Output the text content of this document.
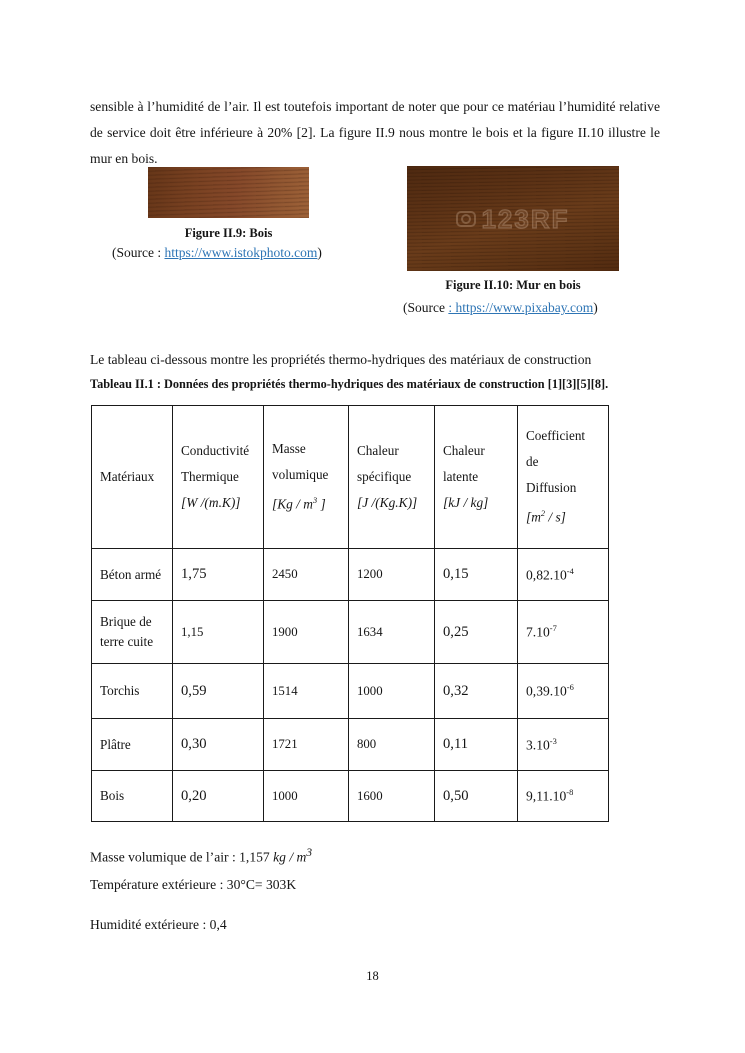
sensible à l’humidité de l’air. Il est toutefois important de noter que pour ce matériau l’humidité relative de service doit être inférieure à 20% [2]. La figure II.9 nous montre le bois et la figure II.10 illustre le mur en bois.

Figure II.9: Bois
(Source : https://www.istokphoto.com)
123RF
Figure II.10: Mur en bois
(Source : https://www.pixabay.com)
Le tableau ci-dessous montre les propriétés thermo-hydriques des matériaux de construction
Tableau II.1 : Données des propriétés thermo-hydriques des matériaux de construction [1][3][5][8].
Matériaux	Conductivité
Thermique
[W /(m.K)]	Masse
volumique
[$Kg / m^3$ ]	Chaleur
spécifique
[J /(Kg.K)]	Chaleur
latente
[kJ / kg]	Coefficient
de
Diffusion
$[m^2 / s]$

Béton armé	1,75	2450	1200	0,15	$0,82.10^{-4}$
Brique de terre cuite	1,15	1900	1634	0,25	$7.10^{-7}$
Torchis	0,59	1514	1000	0,32	$0,39.10^{-6}$
Plâtre	0,30	1721	800	0,11	$3.10^{-3}$
Bois	0,20	1000	1600	0,50	$9,11.10^{-8}$
Masse volumique de l’air : 1,157 kg / $m^3$
Température extérieure : 30°C= 303K
Humidité extérieure : 0,4
18
